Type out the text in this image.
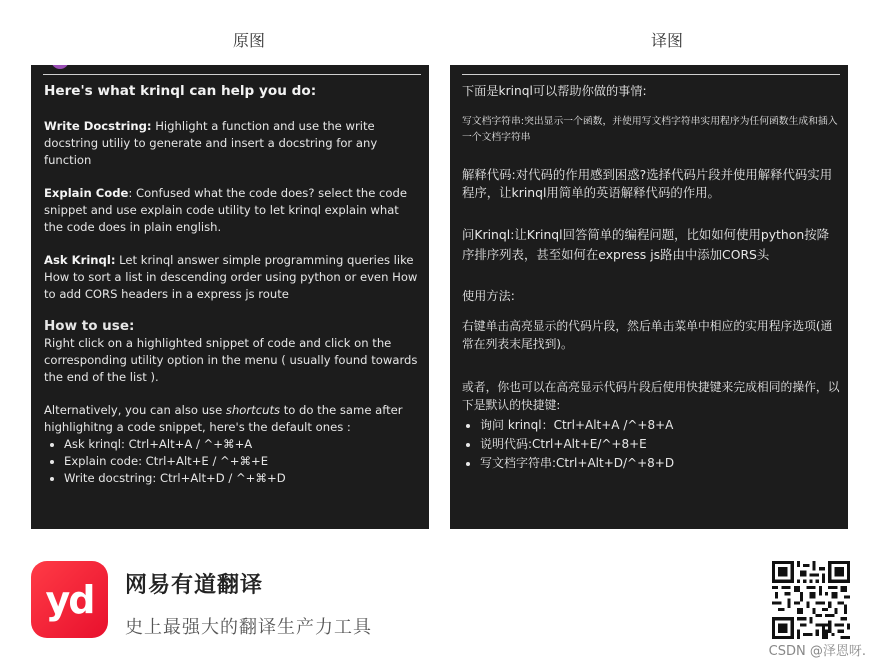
原图	译图
Here's what krinql can help you do:

Write Docstring: Highlight a function and use the write docstring utiliy to generate and insert a docstring for any function

Explain Code: Confused what the code does? select the code snippet and use explain code utility to let krinql explain what the code does in plain english.

Ask Krinql: Let krinql answer simple programming queries like How to sort a list in descending order using python or even How to add CORS headers in a express js route

How to use:

Right click on a highlighted snippet of code and click on the corresponding utility option in the menu ( usually found towards the end of the list ).

Alternatively, you can also use shortcuts to do the same after highlighitng a code snippet, here's the default ones :

• Ask krinql: Ctrl+Alt+A / ^+⌘+A
• Explain code: Ctrl+Alt+E / ^+⌘+E
• Write docstring: Ctrl+Alt+D / ^+⌘+D
下面是krinql可以帮助你做的事情:
写文档字符串:突出显示一个函数，并使用写文档字符串实用程序为任何函数生成和插入一个文档字符串
解释代码:对代码的作用感到困惑?选择代码片段并使用解释代码实用程序，让krinql用简单的英语解释代码的作用。
问Krinql:让Krinql回答简单的编程问题，比如如何使用python按降序排序列表，甚至如何在express js路由中添加CORS头
使用方法:
右键单击高亮显示的代码片段，然后单击菜单中相应的实用程序选项(通常在列表末尾找到)。
或者，你也可以在高亮显示代码片段后使用快捷键来完成相同的操作，以下是默认的快捷键:
• 询问 krinql：Ctrl+Alt+A /^+8+A
• 说明代码:Ctrl+Alt+E/^+8+E
• 写文档字符串:Ctrl+Alt+D/^+8+D
yd	网易有道翻译
史上最强大的翻译生产力工具
CSDN @泽恩呀.
